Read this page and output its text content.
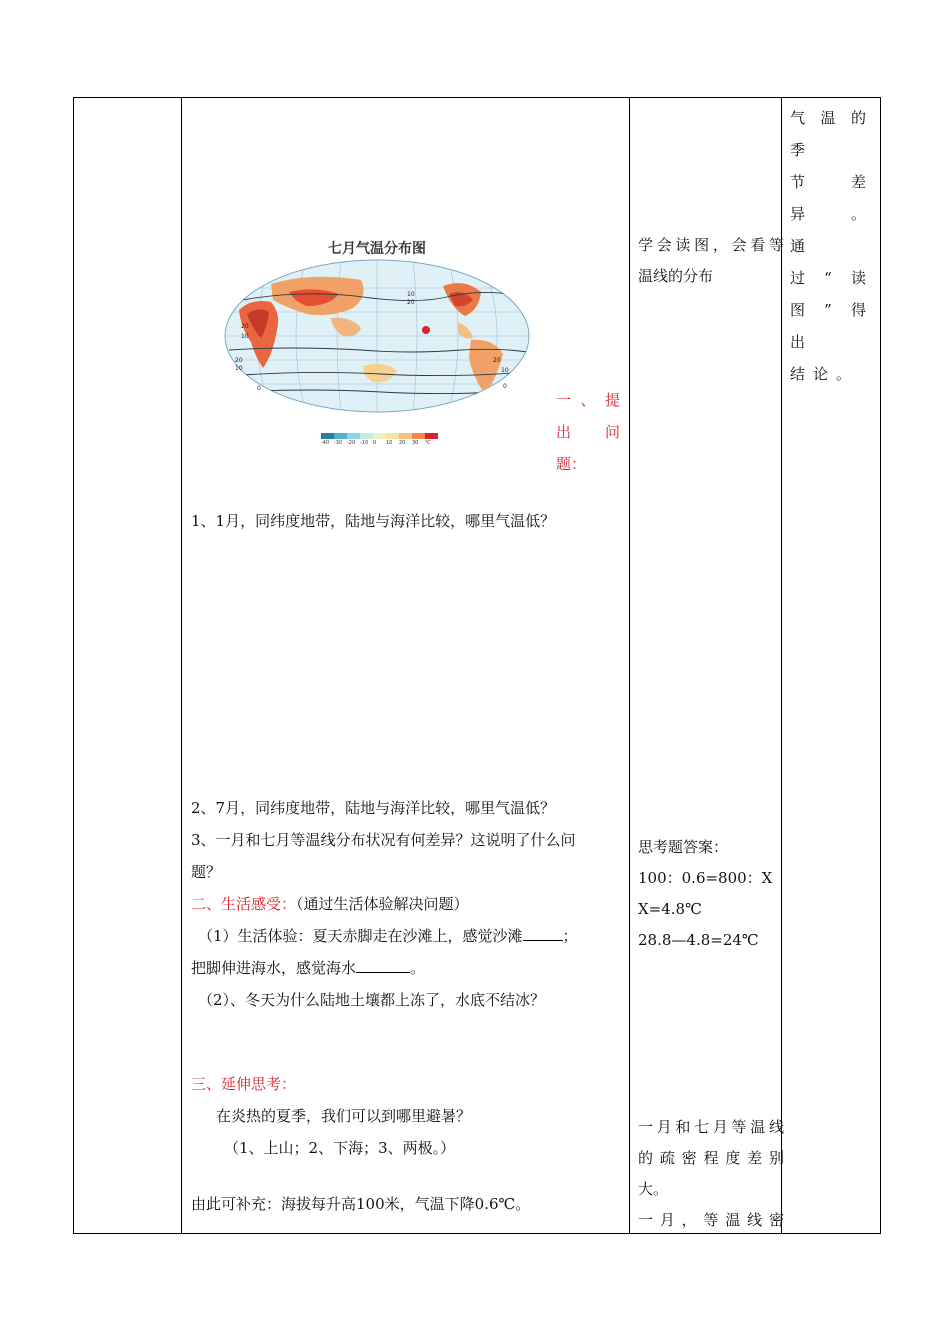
七月气温分布图
10
20
20
10
20
10
0
20
10
0
-40 -30 -20 -10 0	10	20	30	℃
一、提
出问
题：
1、1月，同纬度地带，陆地与海洋比较，哪里气温低？
2、7月，同纬度地带，陆地与海洋比较，哪里气温低？
3、一月和七月等温线分布状况有何差异？这说明了什么问
题？
二、生活感受：（通过生活体验解决问题）
（1）生活体验：夏天赤脚走在沙滩上，感觉沙滩	；
把脚伸进海水，感觉海水	。
（2）、冬天为什么陆地土壤都上冻了，水底不结冰？
三、延伸思考：
在炎热的夏季，我们可以到哪里避暑？
（1、上山；2、下海；3、两极。）
由此可补充：海拔每升高100米，气温下降0.6℃。
学会读图，会看等
温线的分布
思考题答案：
100：0.6=800：X
X=4.8℃
28.8—4.8=24℃
一月和七月等温线
的疏密程度差别
大。
一月，等温线密
气温的季
节差异。
通过“读
图”得出
结论。
